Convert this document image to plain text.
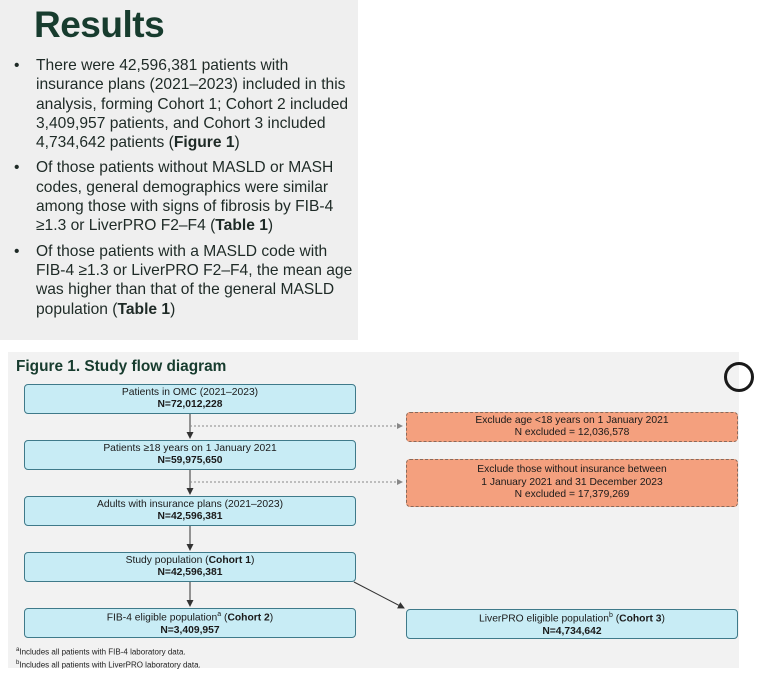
Results
• There were 42,596,381 patients with insurance plans (2021–2023) included in this analysis, forming Cohort 1; Cohort 2 included 3,409,957 patients, and Cohort 3 included 4,734,642 patients (Figure 1)
• Of those patients without MASLD or MASH codes, general demographics were similar among those with signs of fibrosis by FIB-4 ≥1.3 or LiverPRO F2–F4 (Table 1)
• Of those patients with a MASLD code with FIB-4 ≥1.3 or LiverPRO F2–F4, the mean age was higher than that of the general MASLD population (Table 1)
Figure 1. Study flow diagram
Patients in OMC (2021–2023)
N=72,012,228
Patients ≥18 years on 1 January 2021
N=59,975,650
Adults with insurance plans (2021–2023)
N=42,596,381
Study population (Cohort 1)
N=42,596,381
FIB-4 eligible population$^a$ (Cohort 2)
N=3,409,957
LiverPRO eligible population$^b$ (Cohort 3)
N=4,734,642
Exclude age <18 years on 1 January 2021
N excluded = 12,036,578
Exclude those without insurance between
1 January 2021 and 31 December 2023
N excluded = 17,379,269
$^a$Includes all patients with FIB-4 laboratory data.
$^b$Includes all patients with LiverPRO laboratory data.
